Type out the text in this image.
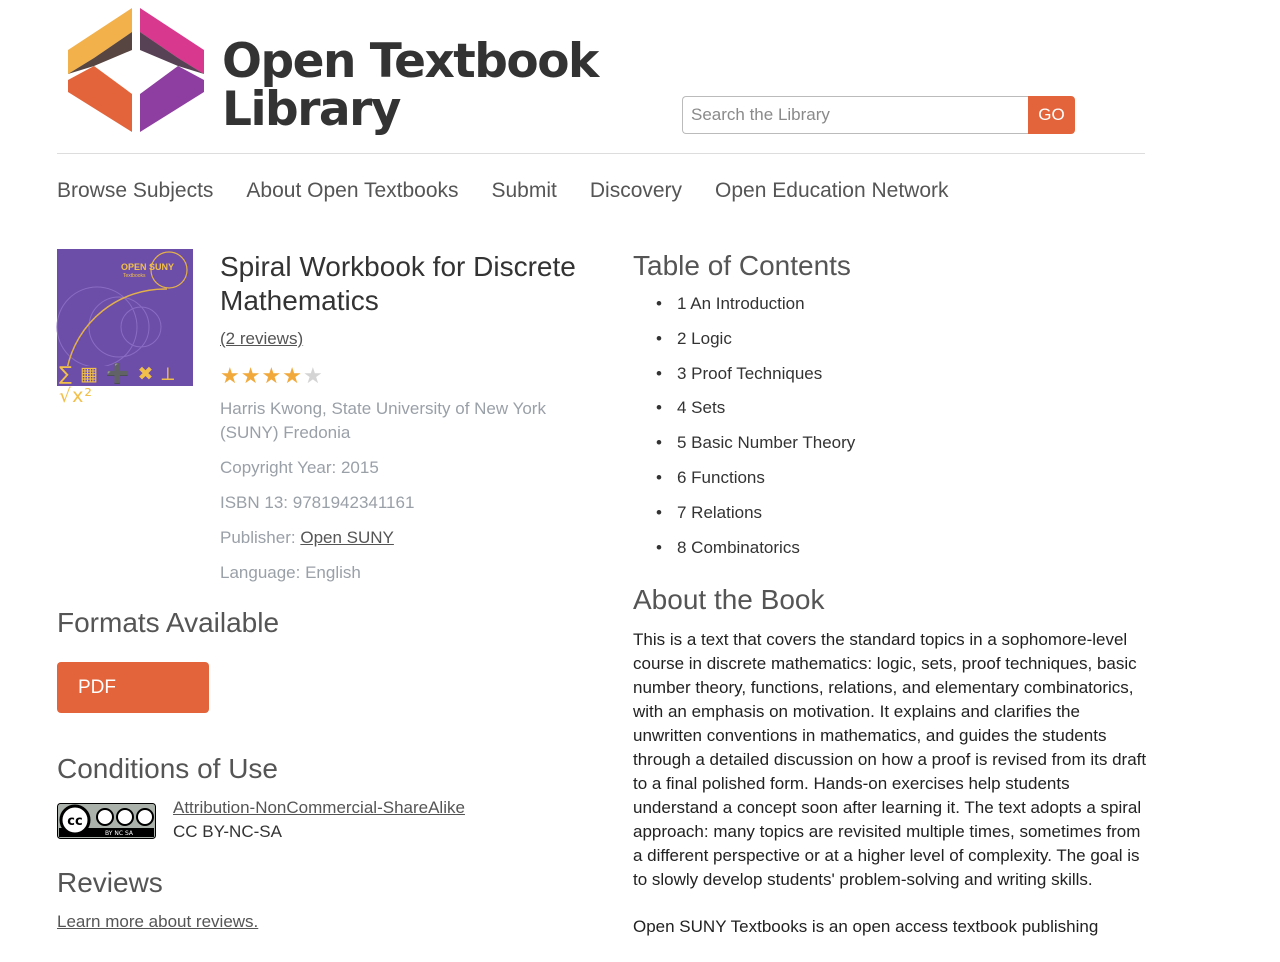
Open Textbook
Library
Search the Library	GO
Browse Subjects About Open Textbooks Submit Discovery Open Education Network
OPEN SUNY
Textbooks
∑ ▦ ➕ ✖ ⟂ √x²
Spiral Workbook for Discrete Mathematics
(2 reviews)
★ ★ ★ ★ ★
Harris Kwong, State University of New York (SUNY) Fredonia
Copyright Year: 2015
ISBN 13: 9781942341161
Publisher: Open SUNY
Language: English
Formats Available
PDF
Conditions of Use
cc
BY NC SA
Attribution-NonCommercial-ShareAlike
CC BY-NC-SA
Reviews
Learn more about reviews.
Table of Contents
• 1 An Introduction
• 2 Logic
• 3 Proof Techniques
• 4 Sets
• 5 Basic Number Theory
• 6 Functions
• 7 Relations
• 8 Combinatorics
About the Book

This is a text that covers the standard topics in a sophomore-level course in discrete mathematics: logic, sets, proof techniques, basic number theory, functions, relations, and elementary combinatorics, with an emphasis on motivation. It explains and clarifies the unwritten conventions in mathematics, and guides the students through a detailed discussion on how a proof is revised from its draft to a final polished form. Hands-on exercises help students understand a concept soon after learning it. The text adopts a spiral approach: many topics are revisited multiple times, sometimes from a different perspective or at a higher level of complexity. The goal is to slowly develop students' problem-solving and writing skills.

Open SUNY Textbooks is an open access textbook publishing
